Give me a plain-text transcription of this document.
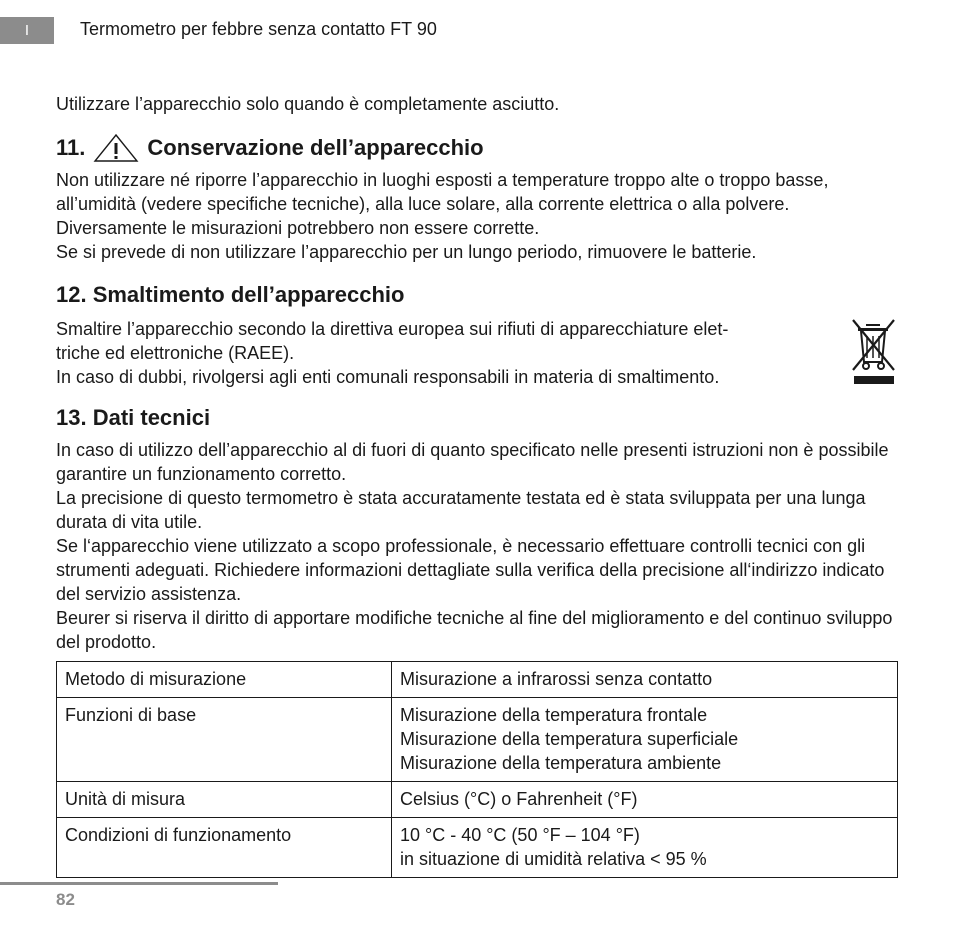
I	Termometro per febbre senza contatto FT 90

Utilizzare l’apparecchio solo quando è completamente asciutto.

11.	Conservazione dell’apparecchio

Non utilizzare né riporre l’apparecchio in luoghi esposti a temperature troppo alte o troppo basse, all’umidità (vedere specifiche tecniche), alla luce solare, alla corrente elettrica o alla polvere. Diversamente le misurazioni potrebbero non essere corrette.

Se si prevede di non utilizzare l’apparecchio per un lungo periodo, rimuovere le batterie.

12. Smaltimento dell’apparecchio

Smaltire l’apparecchio secondo la direttiva europea sui rifiuti di apparecchiature elet-
triche ed elettroniche (RAEE).

In caso di dubbi, rivolgersi agli enti comunali responsabili in materia di smaltimento.

13. Dati tecnici

In caso di utilizzo dell’apparecchio al di fuori di quanto specificato nelle presenti istruzioni non è possibile garantire un funzionamento corretto.

La precisione di questo termometro è stata accuratamente testata ed è stata sviluppata per una lunga durata di vita utile.

Se l‘apparecchio viene utilizzato a scopo professionale, è necessario effettuare controlli tecnici con gli strumenti adeguati. Richiedere informazioni dettagliate sulla verifica della precisione all‘indirizzo indicato del servizio assistenza.

Beurer si riserva il diritto di apportare modifiche tecniche al fine del miglioramento e del continuo sviluppo del prodotto.

Metodo di misurazione	Misurazione a infrarossi senza contatto
Funzioni di base	Misurazione della temperatura frontale
Misurazione della temperatura superficiale
Misurazione della temperatura ambiente
Unità di misura	Celsius (°C) o Fahrenheit (°F)
Condizioni di funzionamento	10 °C - 40 °C (50 °F – 104 °F)
in situazione di umidità relativa < 95 %
82
